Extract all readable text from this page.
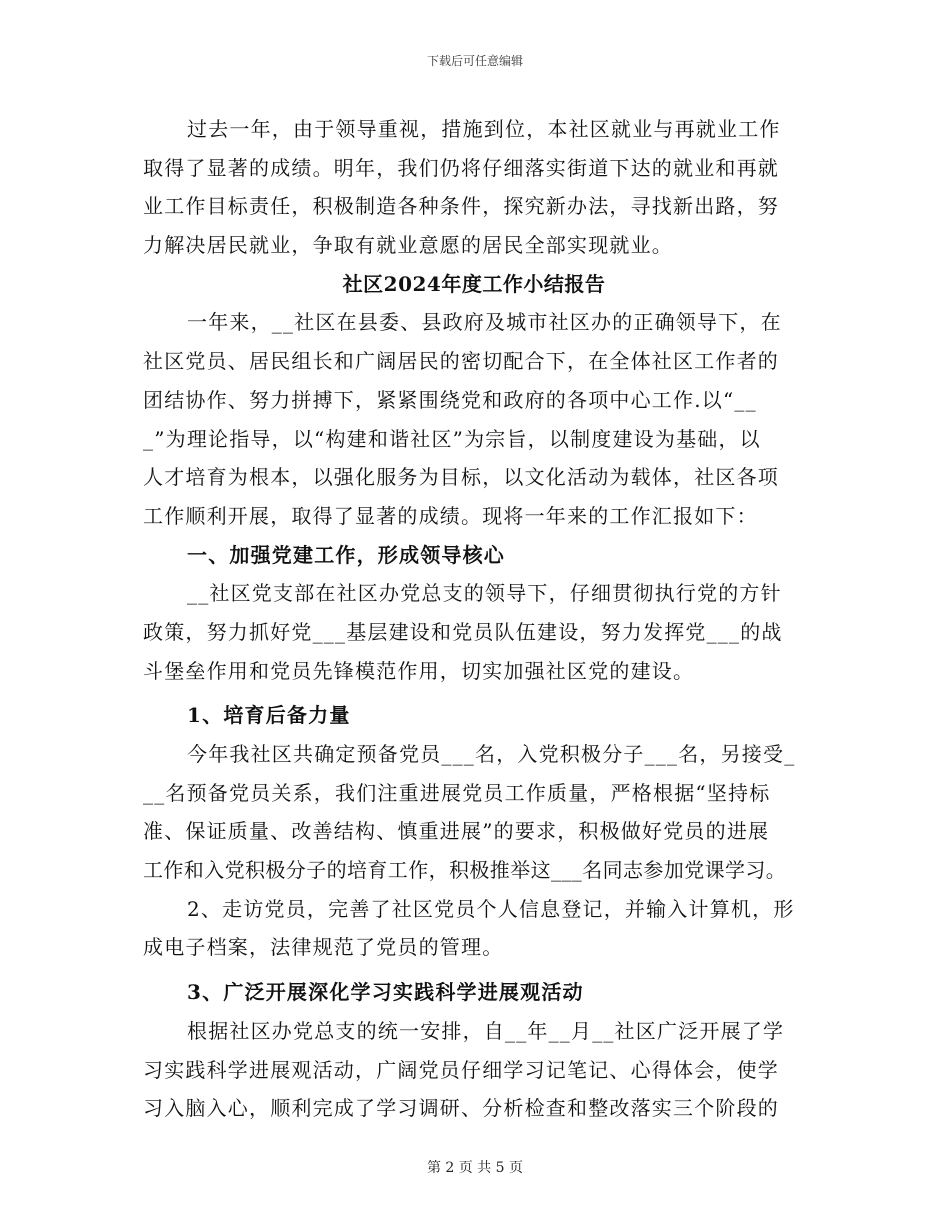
下载后可任意编辑
过去一年，由于领导重视，措施到位，本社区就业与再就业工作
取得了显著的成绩。明年，我们仍将仔细落实街道下达的就业和再就
业工作目标责任，积极制造各种条件，探究新办法，寻找新出路，努
力解决居民就业，争取有就业意愿的居民全部实现就业。
社区2024年度工作小结报告
一年来，__社区在县委、县政府及城市社区办的正确领导下，在
社区党员、居民组长和广阔居民的密切配合下，在全体社区工作者的
团结协作、努力拼搏下，紧紧围绕党和政府的各项中心工作.以“__
_”为理论指导，以“构建和谐社区”为宗旨，以制度建设为基础，以
人才培育为根本，以强化服务为目标，以文化活动为载体，社区各项
工作顺利开展，取得了显著的成绩。现将一年来的工作汇报如下：
一、加强党建工作，形成领导核心
__社区党支部在社区办党总支的领导下，仔细贯彻执行党的方针
政策，努力抓好党___基层建设和党员队伍建设，努力发挥党___的战
斗堡垒作用和党员先锋模范作用，切实加强社区党的建设。
1、培育后备力量
今年我社区共确定预备党员___名，入党积极分子___名，另接受_
__名预备党员关系，我们注重进展党员工作质量，严格根据“坚持标
准、保证质量、改善结构、慎重进展”的要求，积极做好党员的进展
工作和入党积极分子的培育工作，积极推举这___名同志参加党课学习。
2、走访党员，完善了社区党员个人信息登记，并输入计算机，形
成电子档案，法律规范了党员的管理。
3、广泛开展深化学习实践科学进展观活动
根据社区办党总支的统一安排，自__年__月__社区广泛开展了学
习实践科学进展观活动，广阔党员仔细学习记笔记、心得体会，使学
习入脑入心，顺利完成了学习调研、分析检查和整改落实三个阶段的
第 2 页 共 5 页
